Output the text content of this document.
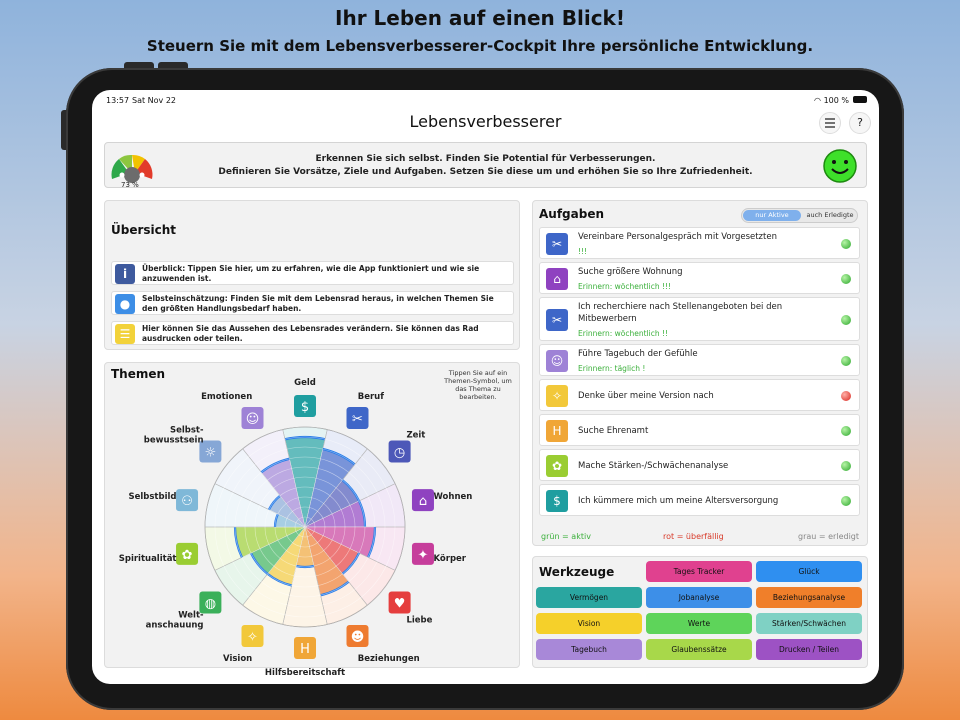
Ihr Leben auf einen Blick!
Steuern Sie mit dem Lebensverbesserer-Cockpit Ihre persönliche Entwicklung.
13:57 Sat Nov 22	◠ 100 %
Lebensverbesserer	?
73 %
Erkennen Sie sich selbst. Finden Sie Potential für Verbesserungen.
Definieren Sie Vorsätze, Ziele und Aufgaben. Setzen Sie diese um und erhöhen Sie so Ihre Zufriedenheit.
Übersicht
i	Überblick: Tippen Sie hier, um zu erfahren, wie die App funktioniert und wie sie anzuwenden ist.
●	Selbsteinschätzung: Finden Sie mit dem Lebensrad heraus, in welchen Themen Sie den größten Handlungsbedarf haben.
☰	Hier können Sie das Aussehen des Lebensrades verändern. Sie können das Rad ausdrucken oder teilen.
Themen	Tippen Sie auf ein Themen-Symbol, um das Thema zu bearbeiten.
$
Geld
✂
Beruf
◷
Zeit
⌂ Wohnen
✦ Körper
♥
Liebe
☻
Beziehungen
H
Hilfsbereitschaft
✧
Vision
◍
Welt-anschauung
✿
Spiritualität
⚇
Selbstbild
☼
Selbst-bewusstsein
☺
Emotionen
Aufgaben	nur Aktive	auch Erledigte
✂	Vereinbare Personalgespräch mit Vorgesetzten
!!!
⌂	Suche größere Wohnung
Erinnern: wöchentlich !!!
✂
Ich recherchiere nach Stellenangeboten bei den Mitbewerbern
Erinnern: wöchentlich !!
☺	Führe Tagebuch der Gefühle
Erinnern: täglich !
✧	Denke über meine Version nach
H	Suche Ehrenamt
✿	Mache Stärken-/Schwächenanalyse
$	Ich kümmere mich um meine Altersversorgung
grün = aktiv	rot = überfällig	grau = erledigt
Werkzeuge	Tages Tracker	Glück
Vermögen	Jobanalyse	Beziehungsanalyse
Vision	Werte	Stärken/Schwächen
Tagebuch	Glaubenssätze	Drucken / Teilen
